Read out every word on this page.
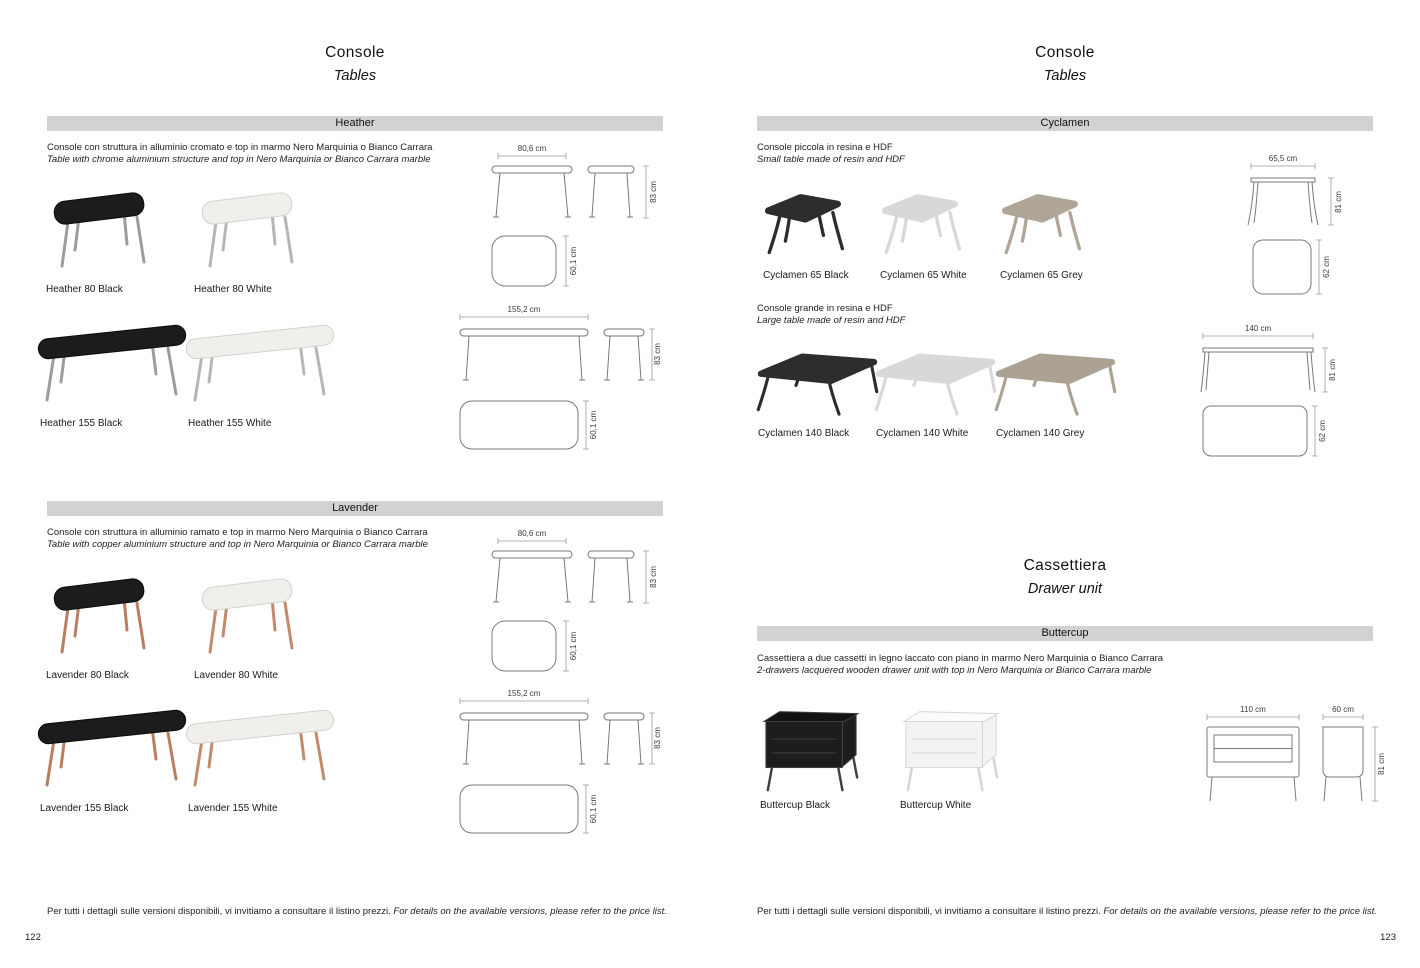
Console
Tables
Heather
Console con struttura in alluminio cromato e top in marmo Nero Marquinia o Bianco Carrara
Table with chrome aluminium structure and top in Nero Marquinia or Bianco Carrara marble
Heather 80 Black	Heather 80 White
Heather 155 Black	Heather 155 White
80,6 cm
83 cm
60,1 cm
155,2 cm
83 cm
60,1 cm
Lavender
Console con struttura in alluminio ramato e top in marmo Nero Marquinia o Bianco Carrara
Table with copper aluminium structure and top in Nero Marquinia or Bianco Carrara marble
Lavender 80 Black	Lavender 80 White
Lavender 155 Black	Lavender 155 White
80,6 cm
83 cm
60,1 cm
155,2 cm
83 cm
60,1 cm
Per tutti i dettagli sulle versioni disponibili, vi invitiamo a consultare il listino prezzi. For details on the available versions, please refer to the price list.
122
Console
Tables
Cyclamen
Console piccola in resina e HDF
Small table made of resin and HDF
Cyclamen 65 Black	Cyclamen 65 White	Cyclamen 65 Grey
Console grande in resina e HDF
Large table made of resin and HDF
Cyclamen 140 Black	Cyclamen 140 White	Cyclamen 140 Grey
65,5 cm
81 cm
62 cm
140 cm
81 cm
62 cm
Cassettiera
Drawer unit
Buttercup
Cassettiera a due cassetti in legno laccato con piano in marmo Nero Marquinia o Bianco Carrara
2-drawers lacquered wooden drawer unit with top in Nero Marquinia or Bianco Carrara marble
Buttercup Black	Buttercup White
110 cm	60 cm
81 cm
Per tutti i dettagli sulle versioni disponibili, vi invitiamo a consultare il listino prezzi. For details on the available versions, please refer to the price list.
123
